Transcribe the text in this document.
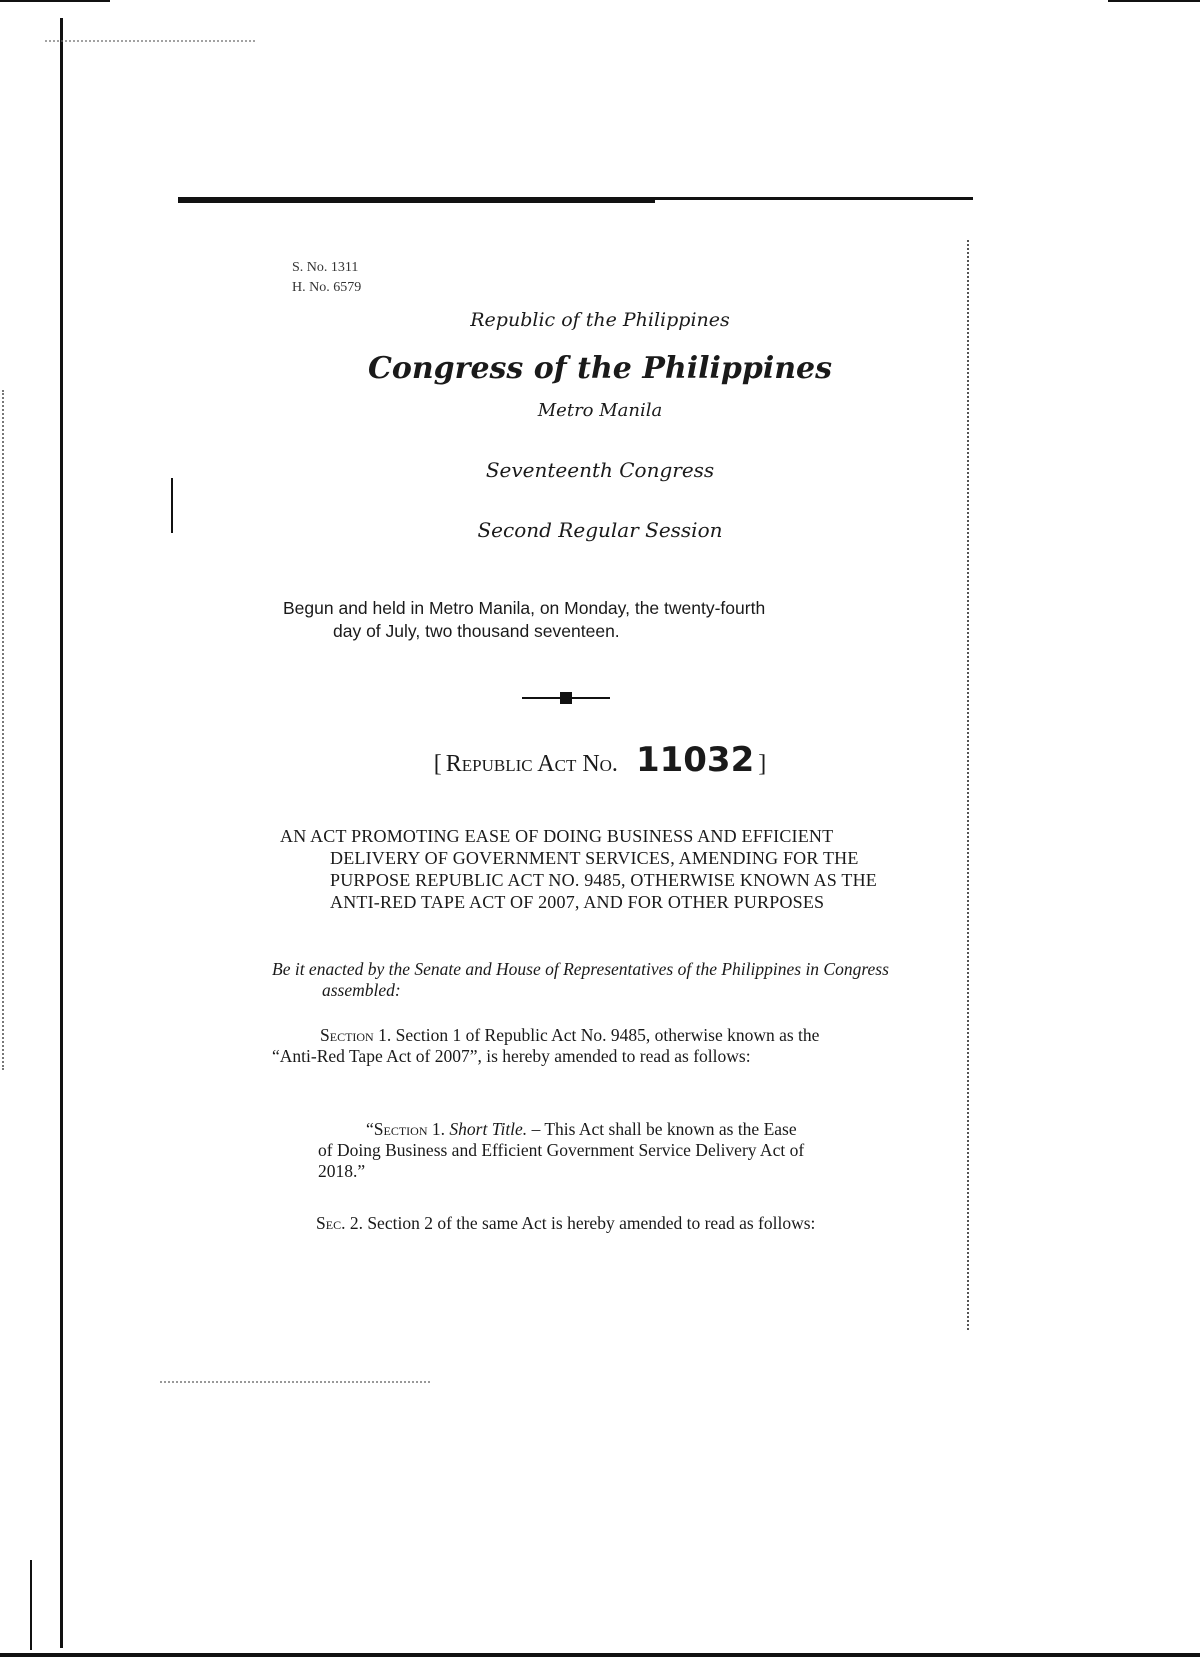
S. No. 1311
H. No. 6579
Republic of the Philippines
Congress of the Philippines
Metro Manila
Seventeenth Congress
Second Regular Session
Begun and held in Metro Manila, on Monday, the twenty-fourth
day of July, two thousand seventeen.
[ Republic Act No. 11032 ]
AN ACT PROMOTING EASE OF DOING BUSINESS AND EFFICIENT DELIVERY OF GOVERNMENT SERVICES, AMENDING FOR THE PURPOSE REPUBLIC ACT NO. 9485, OTHERWISE KNOWN AS THE ANTI-RED TAPE ACT OF 2007, AND FOR OTHER PURPOSES
Be it enacted by the Senate and House of Representatives of the Philippines in Congress assembled:
Section 1. Section 1 of Republic Act No. 9485, otherwise known as the “Anti-Red Tape Act of 2007”, is hereby amended to read as follows:
“Section 1. Short Title. – This Act shall be known as the Ease of Doing Business and Efficient Government Service Delivery Act of 2018.”
Sec. 2. Section 2 of the same Act is hereby amended to read as follows:
